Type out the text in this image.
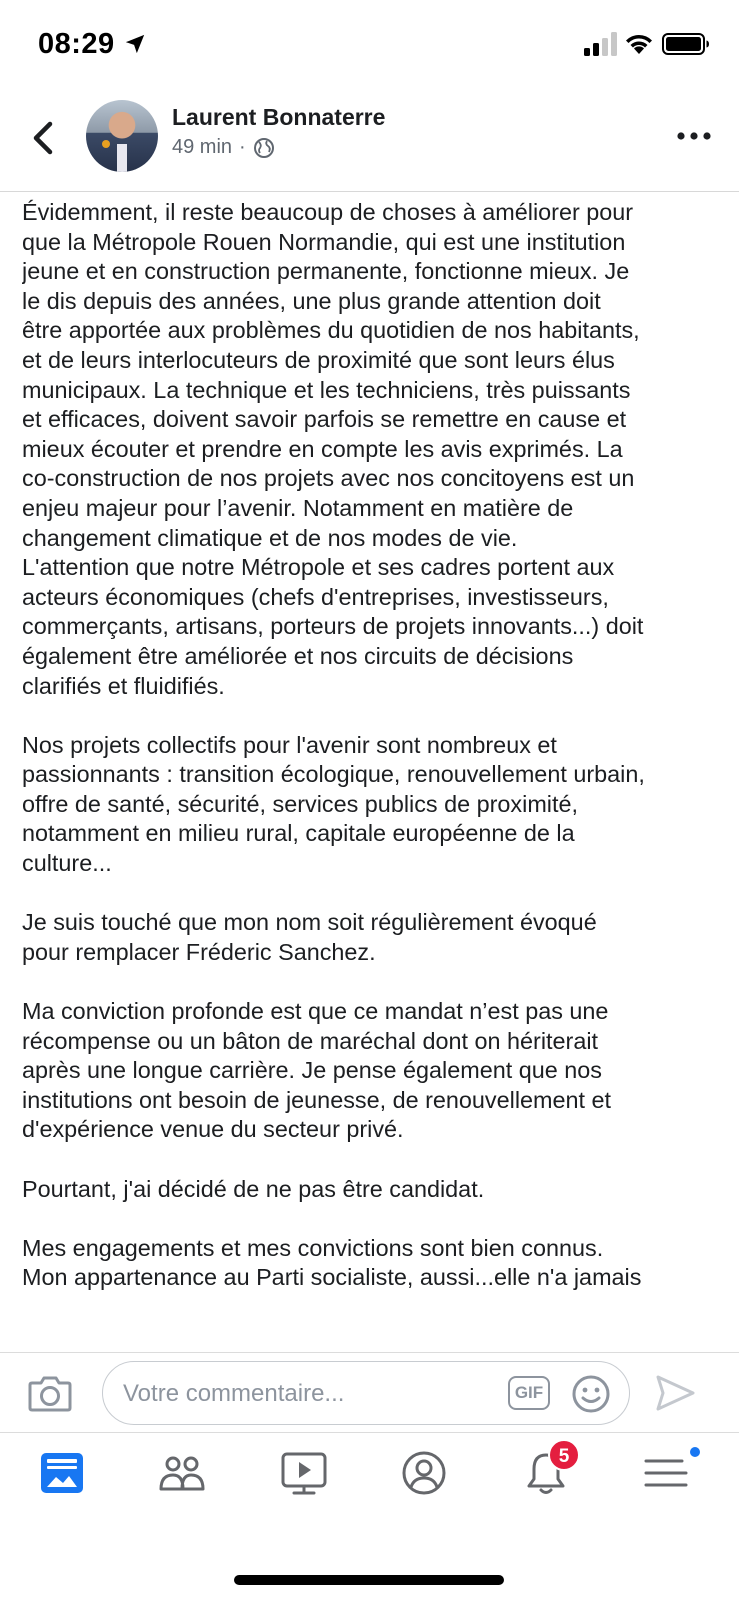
08:29
Laurent Bonnaterre
49 min ·

Évidemment, il reste beaucoup de choses à améliorer pour

que la Métropole Rouen Normandie, qui est une institution

jeune et en construction permanente, fonctionne mieux. Je

le dis depuis des années, une plus grande attention doit

être apportée aux problèmes du quotidien de nos habitants,

et de leurs interlocuteurs de proximité que sont leurs élus

municipaux. La technique et les techniciens, très puissants

et efficaces, doivent savoir parfois se remettre en cause et

mieux écouter et prendre en compte les avis exprimés. La

co-construction de nos projets avec nos concitoyens est un

enjeu majeur pour l’avenir. Notamment en matière de

changement climatique et de nos modes de vie.

L'attention que notre Métropole et ses cadres portent aux

acteurs économiques (chefs d'entreprises, investisseurs,

commerçants, artisans, porteurs de projets innovants...) doit

également être améliorée et nos circuits de décisions

clarifiés et fluidifiés.

Nos projets collectifs pour l'avenir sont nombreux et

passionnants : transition écologique, renouvellement urbain,

offre de santé, sécurité, services publics de proximité,

notamment en milieu rural, capitale européenne de la

culture...

Je suis touché que mon nom soit régulièrement évoqué

pour remplacer Fréderic Sanchez.

Ma conviction profonde est que ce mandat n’est pas une

récompense ou un bâton de maréchal dont on hériterait

après une longue carrière. Je pense également que nos

institutions ont besoin de jeunesse, de renouvellement et

d'expérience venue du secteur privé.

Pourtant, j'ai décidé de ne pas être candidat.

Mes engagements et mes convictions sont bien connus.

Mon appartenance au Parti socialiste, aussi...elle n'a jamais

Votre commentaire...	GIF
5
